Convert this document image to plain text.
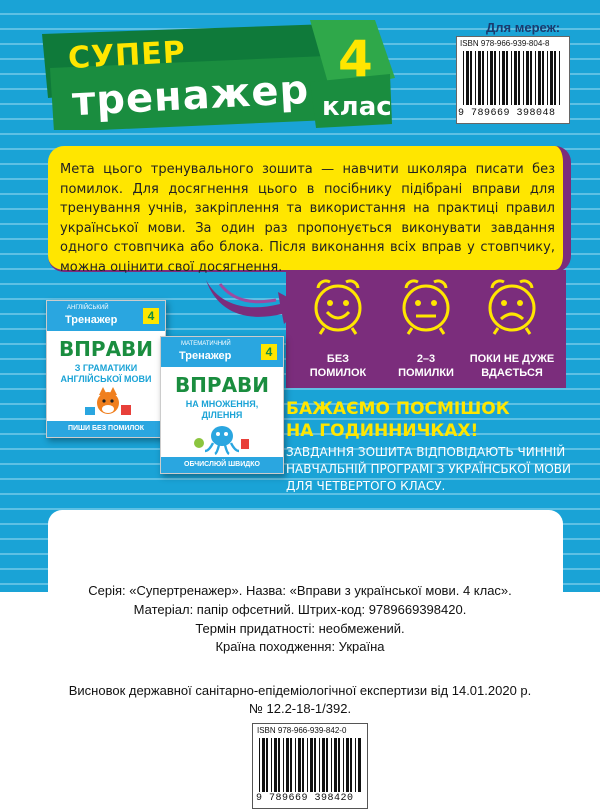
СУПЕР
тренажер
4
клас
Для мереж:
ISBN 978-966-939-804-8
9 789669 398048
Мета цього тренувального зошита — навчити школяра писати без помилок. Для досягнення цього в посібнику підібрані вправи для тренування учнів, закріплення та використання на практиці правил української мови. За один раз пропонується виконувати завдання одного стовпчика або блока. Після виконання всіх вправ у стовпчику, можна оцінити свої досягнення.
БЕЗ
ПОМИЛОК
2–3
ПОМИЛКИ
ПОКИ НЕ ДУЖЕ
ВДАЄТЬСЯ
АНГЛІЙСЬКИЙ
Тренажер	4
ВПРАВИ
З ГРАМАТИКИ
АНГЛІЙСЬКОЇ МОВИ
ПИШИ БЕЗ ПОМИЛОК
МАТЕМАТИЧНИЙ
Тренажер	4
ВПРАВИ
НА МНОЖЕННЯ,
ДІЛЕННЯ
ОБЧИСЛЮЙ ШВИДКО
БАЖАЄМО ПОСМІШОК
НА ГОДИННИЧКАХ!
ЗАВДАННЯ ЗОШИТА ВІДПОВІДАЮТЬ ЧИННІЙ НАВЧАЛЬНІЙ ПРОГРАМІ З УКРАЇНСЬКОЇ МОВИ ДЛЯ ЧЕТВЕРТОГО КЛАСУ.
Серія: «Супертренажер». Назва: «Вправи з української мови. 4 клас».
Матеріал: папір офсетний. Штрих-код: 9789669398420.
Термін придатності: необмежений.
Країна походження: Україна
Висновок державної санітарно-епідеміологічної експертизи від 14.01.2020 р.
№ 12.2-18-1/392.
ISBN 978-966-939-842-0
9 789669 398420
